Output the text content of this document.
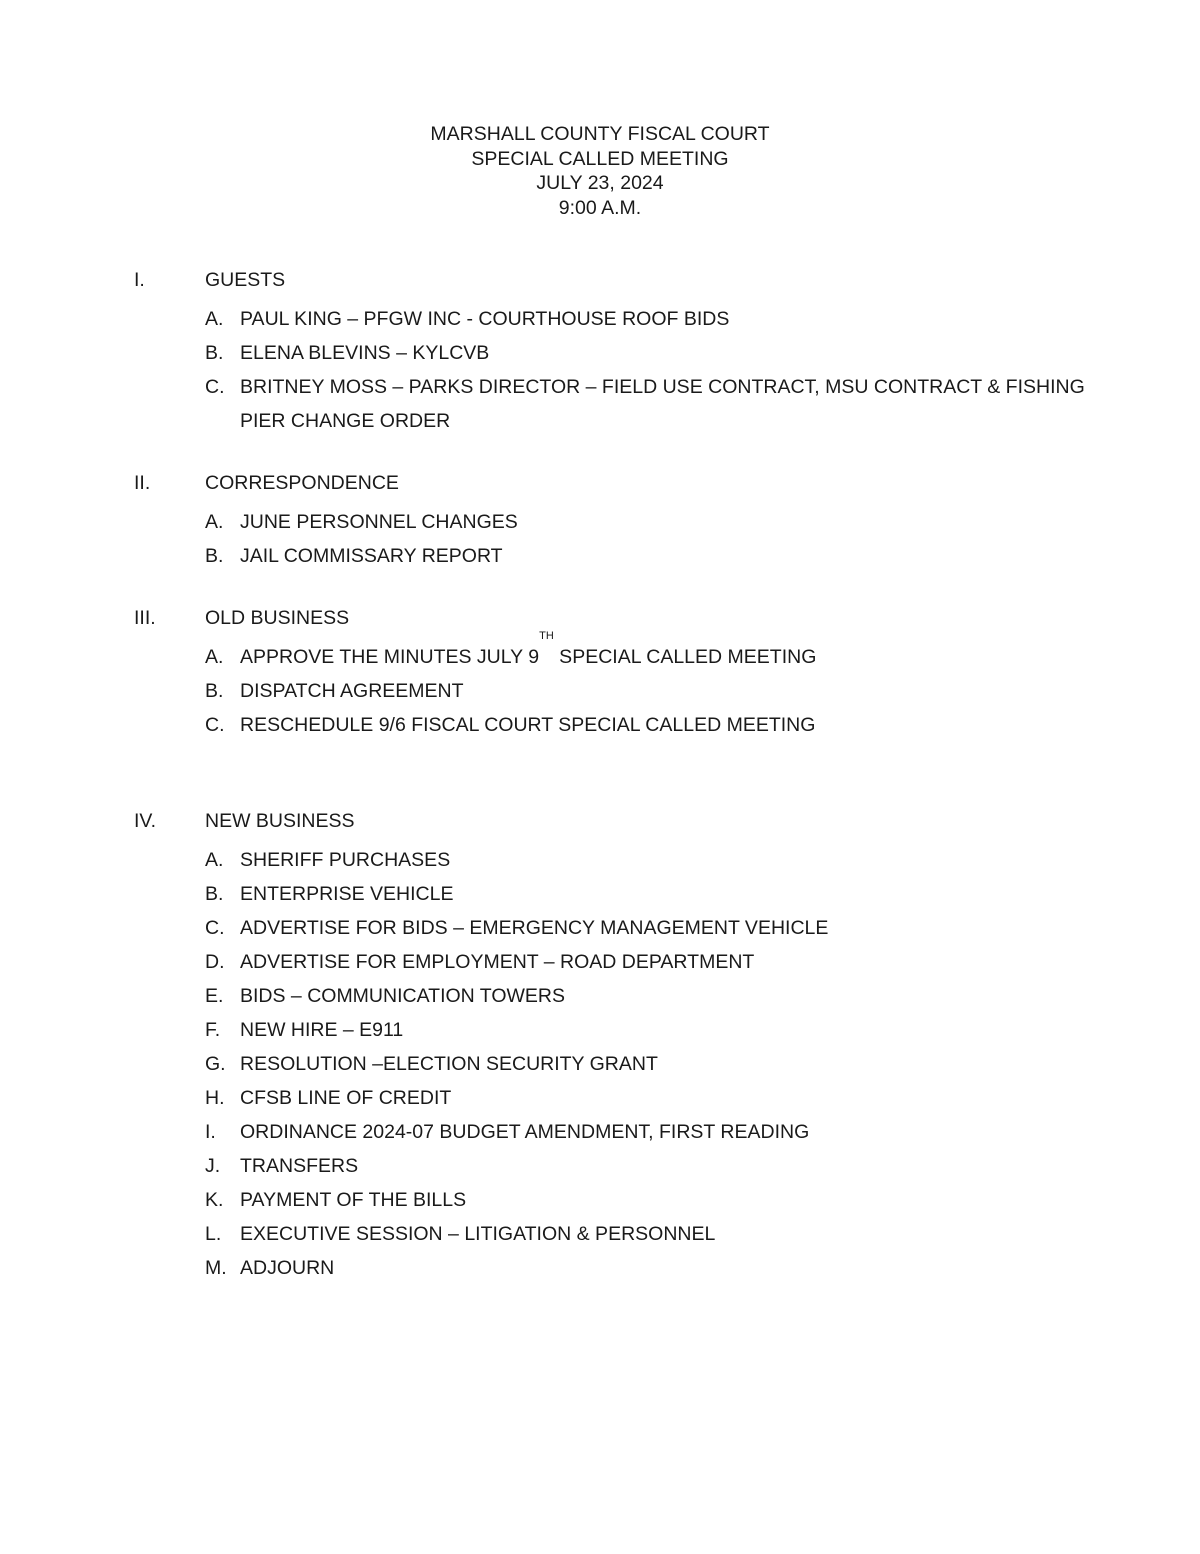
MARSHALL COUNTY FISCAL COURT
SPECIAL CALLED MEETING
JULY 23, 2024
9:00 A.M.
I.	GUESTS
A. PAUL KING – PFGW INC - COURTHOUSE ROOF BIDS
B. ELENA BLEVINS – KYLCVB
C. BRITNEY MOSS – PARKS DIRECTOR – FIELD USE CONTRACT, MSU CONTRACT & FISHING PIER CHANGE ORDER
II.	CORRESPONDENCE
A. JUNE PERSONNEL CHANGES
B. JAIL COMMISSARY REPORT
III.	OLD BUSINESS
A. APPROVE THE MINUTES JULY 9TH SPECIAL CALLED MEETING
B. DISPATCH AGREEMENT
C. RESCHEDULE 9/6 FISCAL COURT SPECIAL CALLED MEETING
IV.	NEW BUSINESS
A. SHERIFF PURCHASES
B. ENTERPRISE VEHICLE
C. ADVERTISE FOR BIDS – EMERGENCY MANAGEMENT VEHICLE
D. ADVERTISE FOR EMPLOYMENT – ROAD DEPARTMENT
E. BIDS – COMMUNICATION TOWERS
F. NEW HIRE – E911
G. RESOLUTION –ELECTION SECURITY GRANT
H. CFSB LINE OF CREDIT
I. ORDINANCE 2024-07 BUDGET AMENDMENT, FIRST READING
J. TRANSFERS
K. PAYMENT OF THE BILLS
L. EXECUTIVE SESSION – LITIGATION & PERSONNEL
M. ADJOURN
